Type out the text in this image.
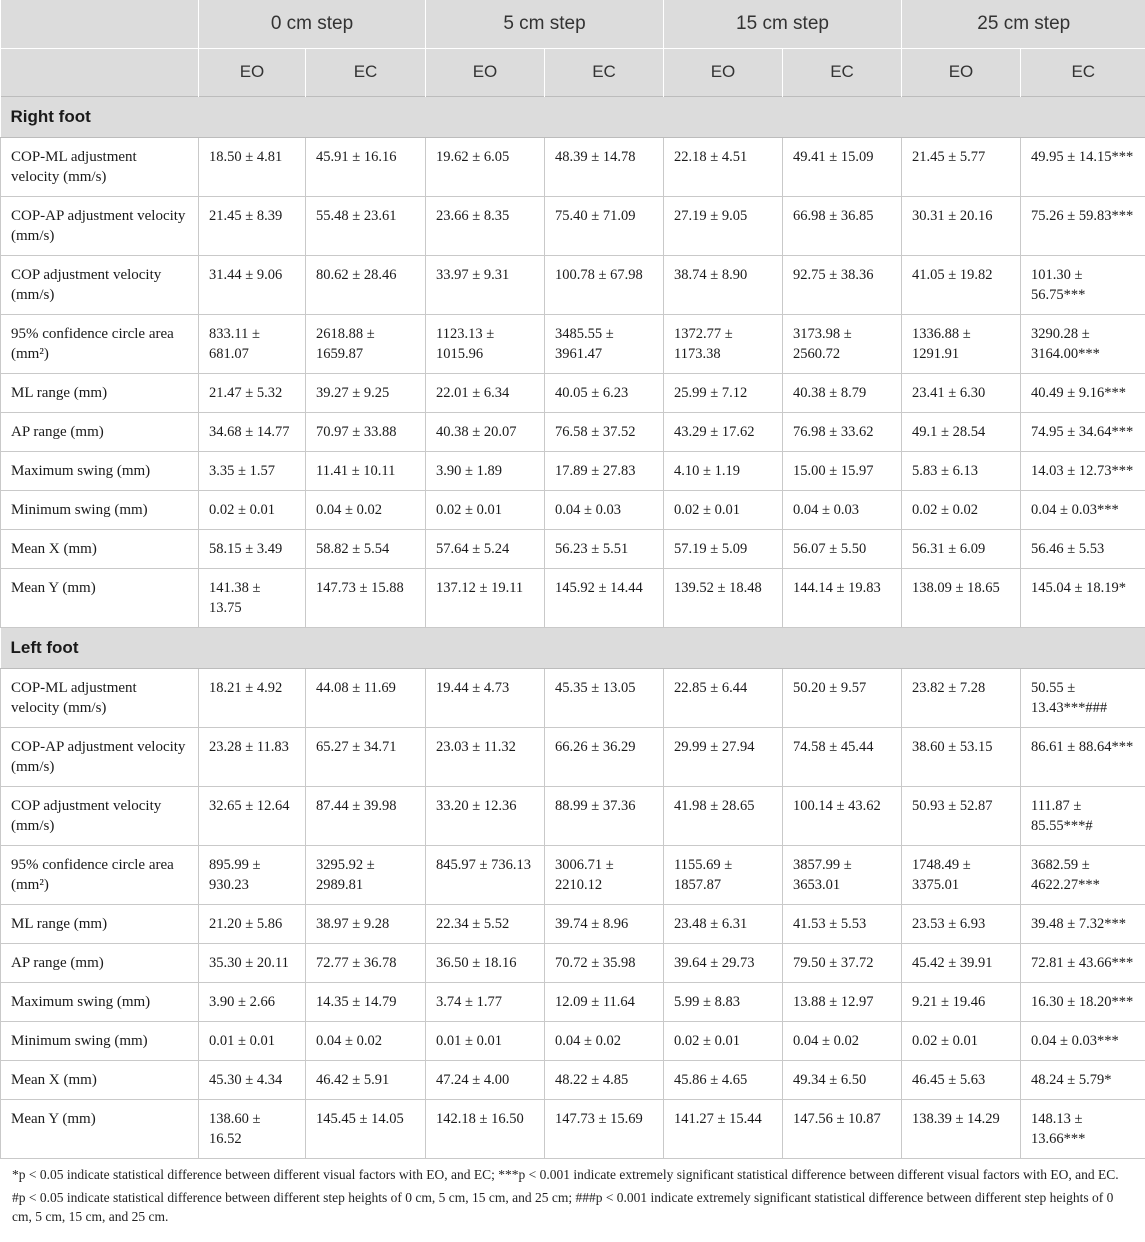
	0 cm step		5 cm step		15 cm step		25 cm step	
	EO	EC	EO	EC	EO	EC	EO	EC
Right foot								
COP-ML adjustment velocity (mm/s)	18.50 ± 4.81	45.91 ± 16.16	19.62 ± 6.05	48.39 ± 14.78	22.18 ± 4.51	49.41 ± 15.09	21.45 ± 5.77	49.95 ± 14.15***
COP-AP adjustment velocity (mm/s)	21.45 ± 8.39	55.48 ± 23.61	23.66 ± 8.35	75.40 ± 71.09	27.19 ± 9.05	66.98 ± 36.85	30.31 ± 20.16	75.26 ± 59.83***
COP adjustment velocity (mm/s)	31.44 ± 9.06	80.62 ± 28.46	33.97 ± 9.31	100.78 ± 67.98	38.74 ± 8.90	92.75 ± 38.36	41.05 ± 19.82	101.30 ± 56.75***
95% confidence circle area (mm²)	833.11 ± 681.07	2618.88 ± 1659.87	1123.13 ± 1015.96	3485.55 ± 3961.47	1372.77 ± 1173.38	3173.98 ± 2560.72	1336.88 ± 1291.91	3290.28 ± 3164.00***
ML range (mm)	21.47 ± 5.32	39.27 ± 9.25	22.01 ± 6.34	40.05 ± 6.23	25.99 ± 7.12	40.38 ± 8.79	23.41 ± 6.30	40.49 ± 9.16***
AP range (mm)	34.68 ± 14.77	70.97 ± 33.88	40.38 ± 20.07	76.58 ± 37.52	43.29 ± 17.62	76.98 ± 33.62	49.1 ± 28.54	74.95 ± 34.64***
Maximum swing (mm)	3.35 ± 1.57	11.41 ± 10.11	3.90 ± 1.89	17.89 ± 27.83	4.10 ± 1.19	15.00 ± 15.97	5.83 ± 6.13	14.03 ± 12.73***
Minimum swing (mm)	0.02 ± 0.01	0.04 ± 0.02	0.02 ± 0.01	0.04 ± 0.03	0.02 ± 0.01	0.04 ± 0.03	0.02 ± 0.02	0.04 ± 0.03***
Mean X (mm)	58.15 ± 3.49	58.82 ± 5.54	57.64 ± 5.24	56.23 ± 5.51	57.19 ± 5.09	56.07 ± 5.50	56.31 ± 6.09	56.46 ± 5.53
Mean Y (mm)	141.38 ± 13.75	147.73 ± 15.88	137.12 ± 19.11	145.92 ± 14.44	139.52 ± 18.48	144.14 ± 19.83	138.09 ± 18.65	145.04 ± 18.19*
Left foot								
COP-ML adjustment velocity (mm/s)	18.21 ± 4.92	44.08 ± 11.69	19.44 ± 4.73	45.35 ± 13.05	22.85 ± 6.44	50.20 ± 9.57	23.82 ± 7.28	50.55 ± 13.43***###
COP-AP adjustment velocity (mm/s)	23.28 ± 11.83	65.27 ± 34.71	23.03 ± 11.32	66.26 ± 36.29	29.99 ± 27.94	74.58 ± 45.44	38.60 ± 53.15	86.61 ± 88.64***
COP adjustment velocity (mm/s)	32.65 ± 12.64	87.44 ± 39.98	33.20 ± 12.36	88.99 ± 37.36	41.98 ± 28.65	100.14 ± 43.62	50.93 ± 52.87	111.87 ± 85.55***#
95% confidence circle area (mm²)	895.99 ± 930.23	3295.92 ± 2989.81	845.97 ± 736.13	3006.71 ± 2210.12	1155.69 ± 1857.87	3857.99 ± 3653.01	1748.49 ± 3375.01	3682.59 ± 4622.27***
ML range (mm)	21.20 ± 5.86	38.97 ± 9.28	22.34 ± 5.52	39.74 ± 8.96	23.48 ± 6.31	41.53 ± 5.53	23.53 ± 6.93	39.48 ± 7.32***
AP range (mm)	35.30 ± 20.11	72.77 ± 36.78	36.50 ± 18.16	70.72 ± 35.98	39.64 ± 29.73	79.50 ± 37.72	45.42 ± 39.91	72.81 ± 43.66***
Maximum swing (mm)	3.90 ± 2.66	14.35 ± 14.79	3.74 ± 1.77	12.09 ± 11.64	5.99 ± 8.83	13.88 ± 12.97	9.21 ± 19.46	16.30 ± 18.20***
Minimum swing (mm)	0.01 ± 0.01	0.04 ± 0.02	0.01 ± 0.01	0.04 ± 0.02	0.02 ± 0.01	0.04 ± 0.02	0.02 ± 0.01	0.04 ± 0.03***
Mean X (mm)	45.30 ± 4.34	46.42 ± 5.91	47.24 ± 4.00	48.22 ± 4.85	45.86 ± 4.65	49.34 ± 6.50	46.45 ± 5.63	48.24 ± 5.79*
Mean Y (mm)	138.60 ± 16.52	145.45 ± 14.05	142.18 ± 16.50	147.73 ± 15.69	141.27 ± 15.44	147.56 ± 10.87	138.39 ± 14.29	148.13 ± 13.66***

*p < 0.05 indicate statistical difference between different visual factors with EO, and EC; ***p < 0.001 indicate extremely significant statistical difference between different visual factors with EO, and EC.

#p < 0.05 indicate statistical difference between different step heights of 0 cm, 5 cm, 15 cm, and 25 cm; ###p < 0.001 indicate extremely significant statistical difference between different step heights of 0 cm, 5 cm, 15 cm, and 25 cm.
